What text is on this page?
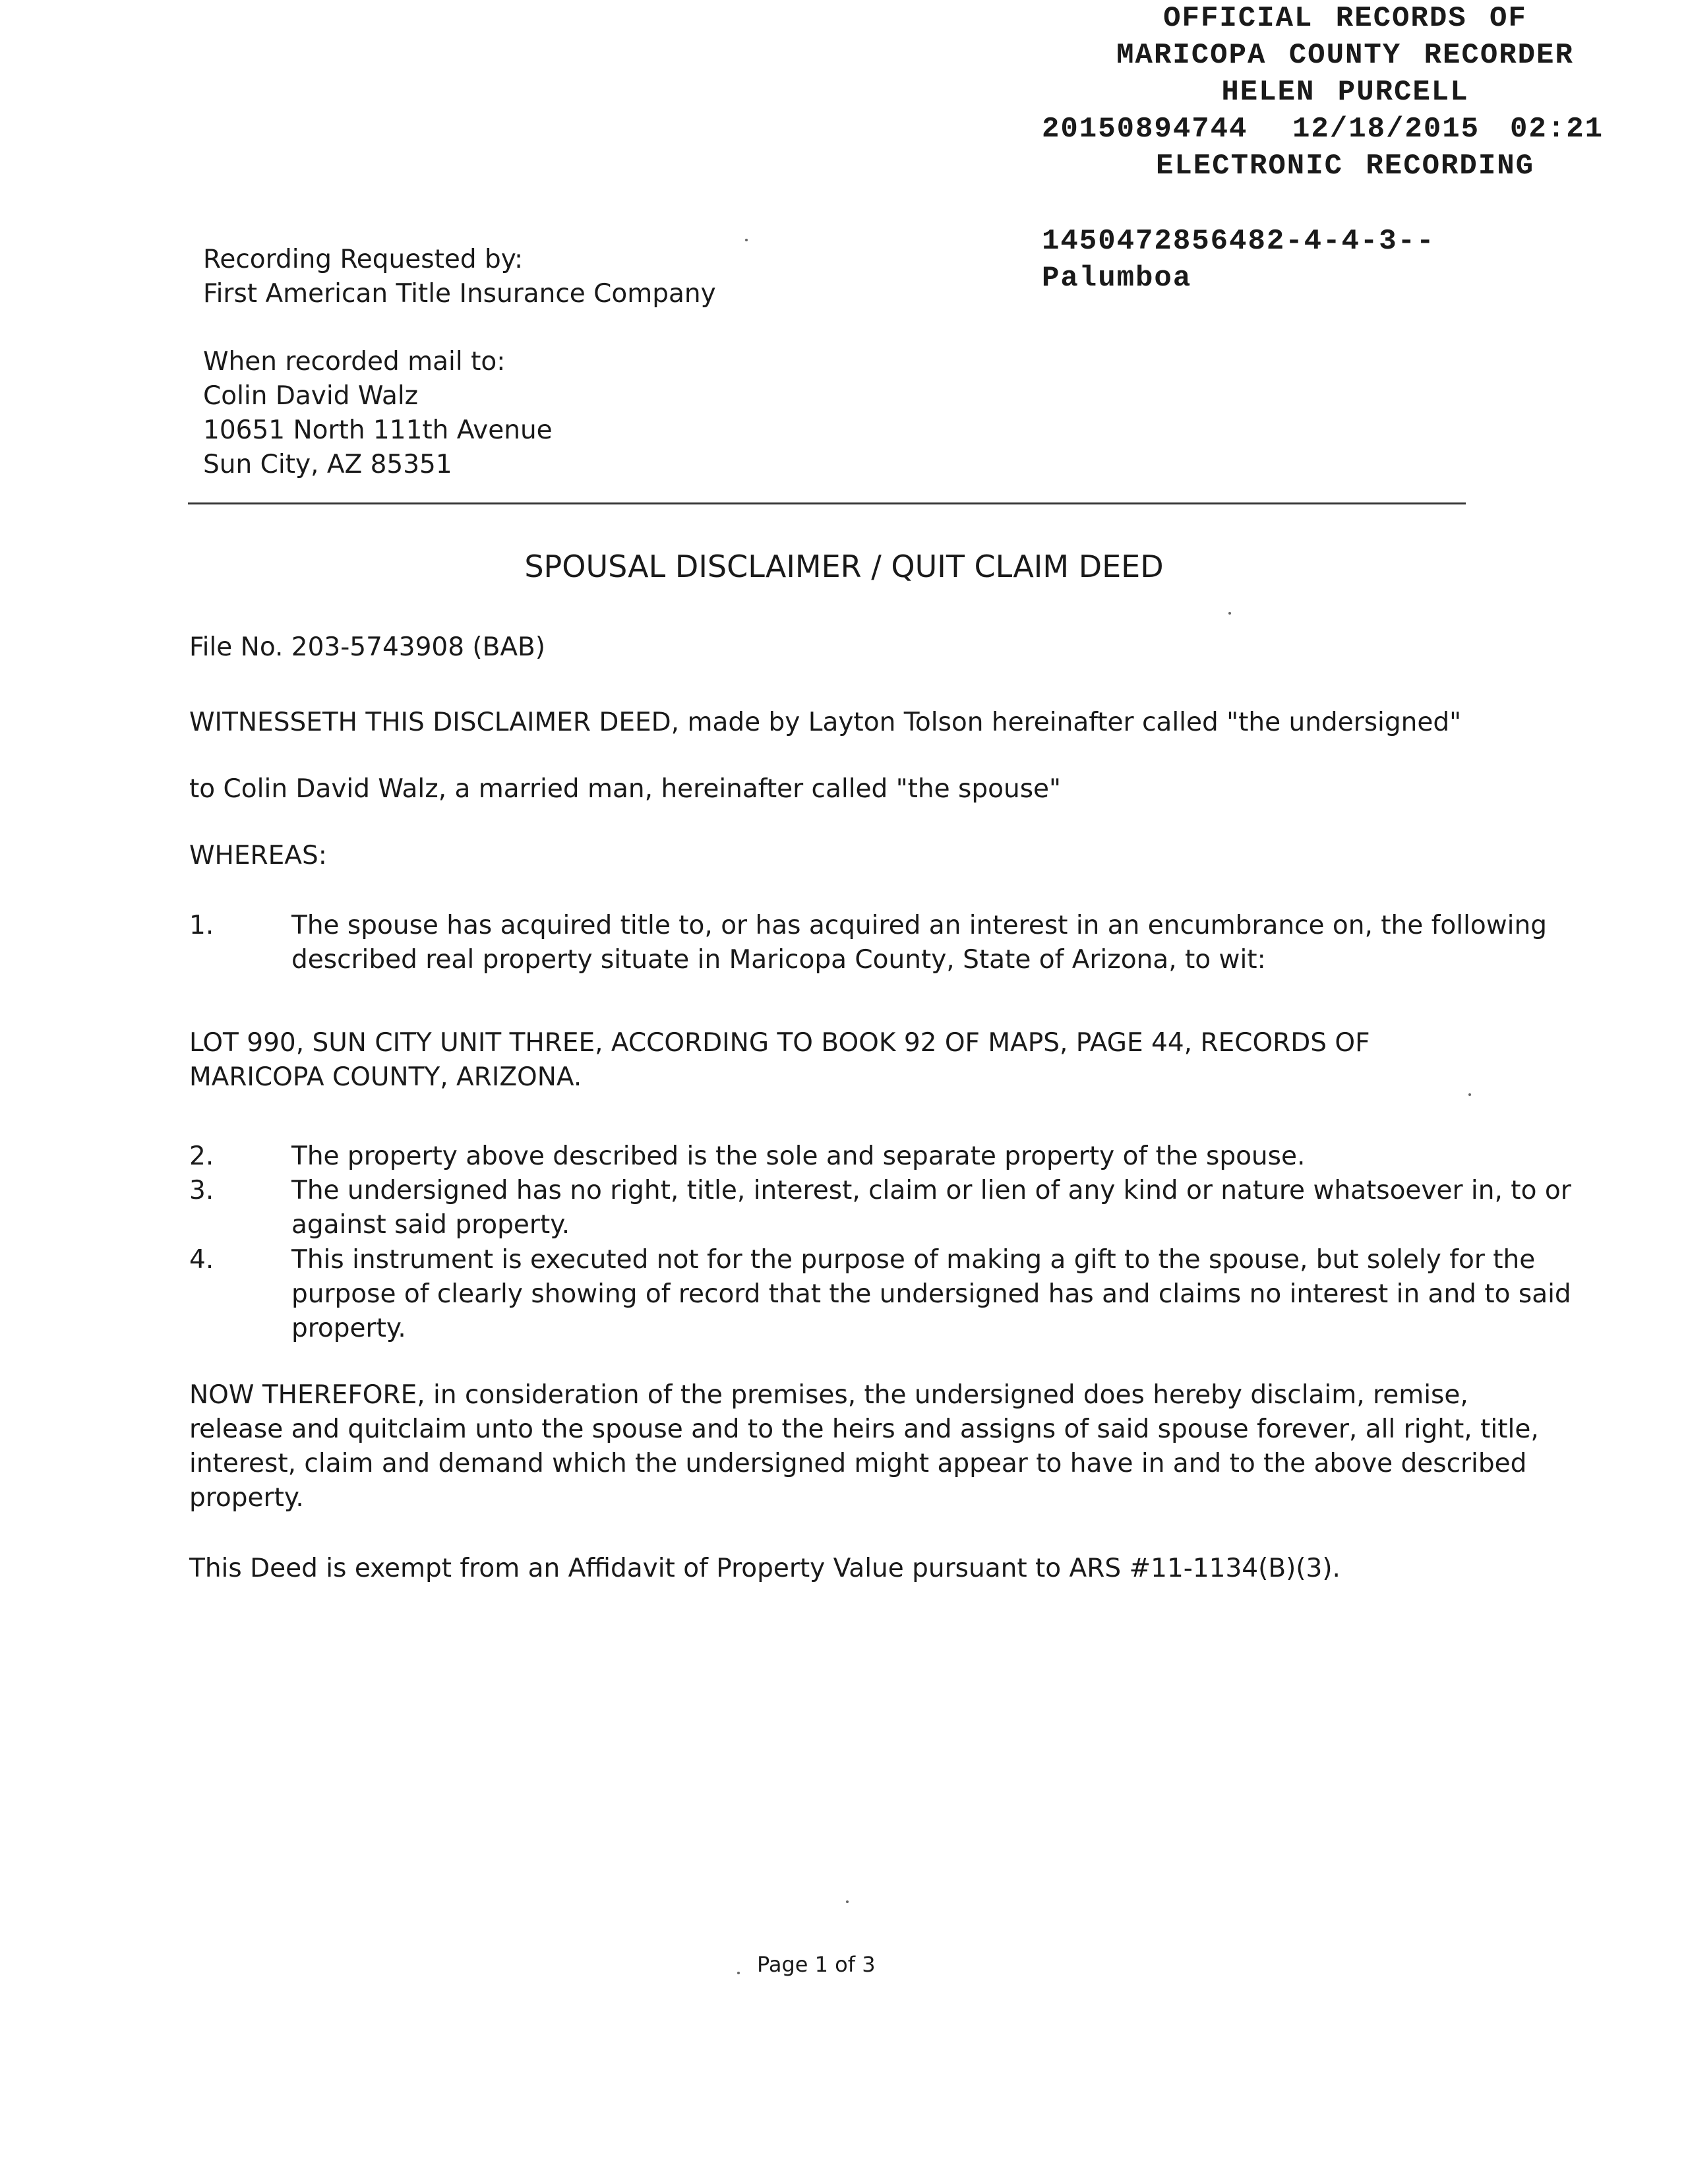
OFFICIAL RECORDS OF
MARICOPA COUNTY RECORDER
HELEN PURCELL
20150894744 12/18/2015 02:21
ELECTRONIC RECORDING
1450472856482-4-4-3--
Palumboa
Recording Requested by:
First American Title Insurance Company
When recorded mail to:
Colin David Walz
10651 North 111th Avenue
Sun City, AZ 85351
SPOUSAL DISCLAIMER / QUIT CLAIM DEED
File No. 203-5743908 (BAB)
WITNESSETH THIS DISCLAIMER DEED, made by Layton Tolson hereinafter called "the undersigned"
to Colin David Walz, a married man, hereinafter called "the spouse"
WHEREAS:
1.	The spouse has acquired title to, or has acquired an interest in an encumbrance on, the following
described real property situate in Maricopa County, State of Arizona, to wit:
LOT 990, SUN CITY UNIT THREE, ACCORDING TO BOOK 92 OF MAPS, PAGE 44, RECORDS OF
MARICOPA COUNTY, ARIZONA.
2.	The property above described is the sole and separate property of the spouse.
3.	The undersigned has no right, title, interest, claim or lien of any kind or nature whatsoever in, to or
against said property.
4.	This instrument is executed not for the purpose of making a gift to the spouse, but solely for the
purpose of clearly showing of record that the undersigned has and claims no interest in and to said
property.
NOW THEREFORE, in consideration of the premises, the undersigned does hereby disclaim, remise,
release and quitclaim unto the spouse and to the heirs and assigns of said spouse forever, all right, title,
interest, claim and demand which the undersigned might appear to have in and to the above described
property.
This Deed is exempt from an Affidavit of Property Value pursuant to ARS #11-1134(B)(3).
Page 1 of 3
